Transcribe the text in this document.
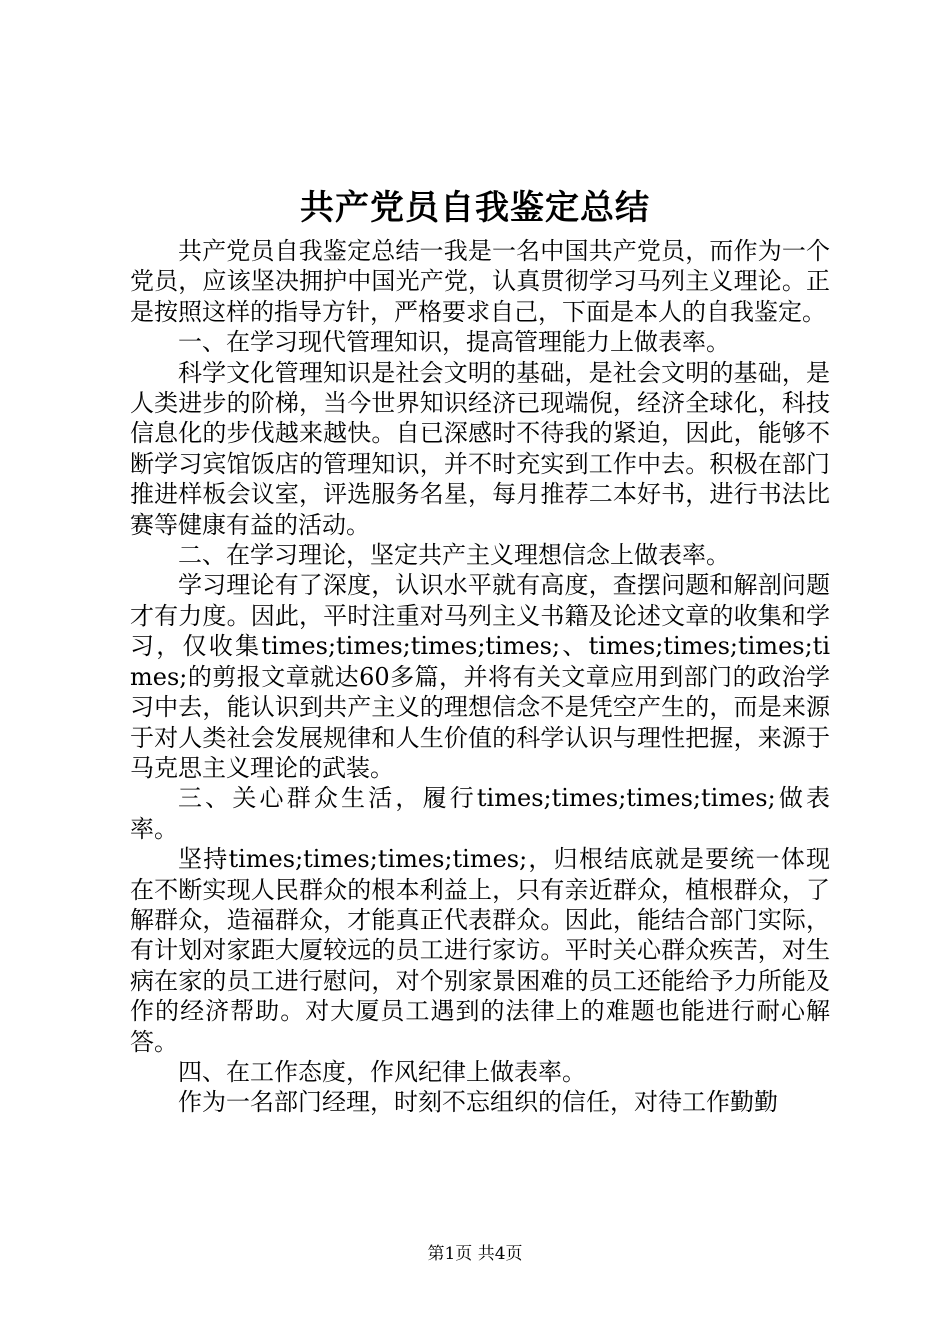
共产党员自我鉴定总结

共产党员自我鉴定总结一我是一名中国共产党员，而作为一个党员，应该坚决拥护中国光产党，认真贯彻学习马列主义理论。正是按照这样的指导方针，严格要求自己，下面是本人的自我鉴定。

一、在学习现代管理知识，提高管理能力上做表率。

科学文化管理知识是社会文明的基础，是社会文明的基础，是人类进步的阶梯，当今世界知识经济已现端倪，经济全球化，科技信息化的步伐越来越快。自已深感时不待我的紧迫，因此，能够不断学习宾馆饭店的管理知识，并不时充实到工作中去。积极在部门推进样板会议室，评选服务名星，每月推荐二本好书，进行书法比赛等健康有益的活动。

二、在学习理论，坚定共产主义理想信念上做表率。

学习理论有了深度，认识水平就有高度，查摆问题和解剖问题才有力度。因此，平时注重对马列主义书籍及论述文章的收集和学习，仅收集times;times;times;times;、times;times;times;times;的剪报文章就达60多篇，并将有关文章应用到部门的政治学习中去，能认识到共产主义的理想信念不是凭空产生的，而是来源于对人类社会发展规律和人生价值的科学认识与理性把握，来源于马克思主义理论的武装。

三、关心群众生活，履行times;times;times;times;做表率。

坚持times;times;times;times;，归根结底就是要统一体现在不断实现人民群众的根本利益上，只有亲近群众，植根群众，了解群众，造福群众，才能真正代表群众。因此，能结合部门实际，有计划对家距大厦较远的员工进行家访。平时关心群众疾苦，对生病在家的员工进行慰问，对个别家景困难的员工还能给予力所能及作的经济帮助。对大厦员工遇到的法律上的难题也能进行耐心解答。

四、在工作态度，作风纪律上做表率。

作为一名部门经理，时刻不忘组织的信任，对待工作勤勤

第1页 共4页
